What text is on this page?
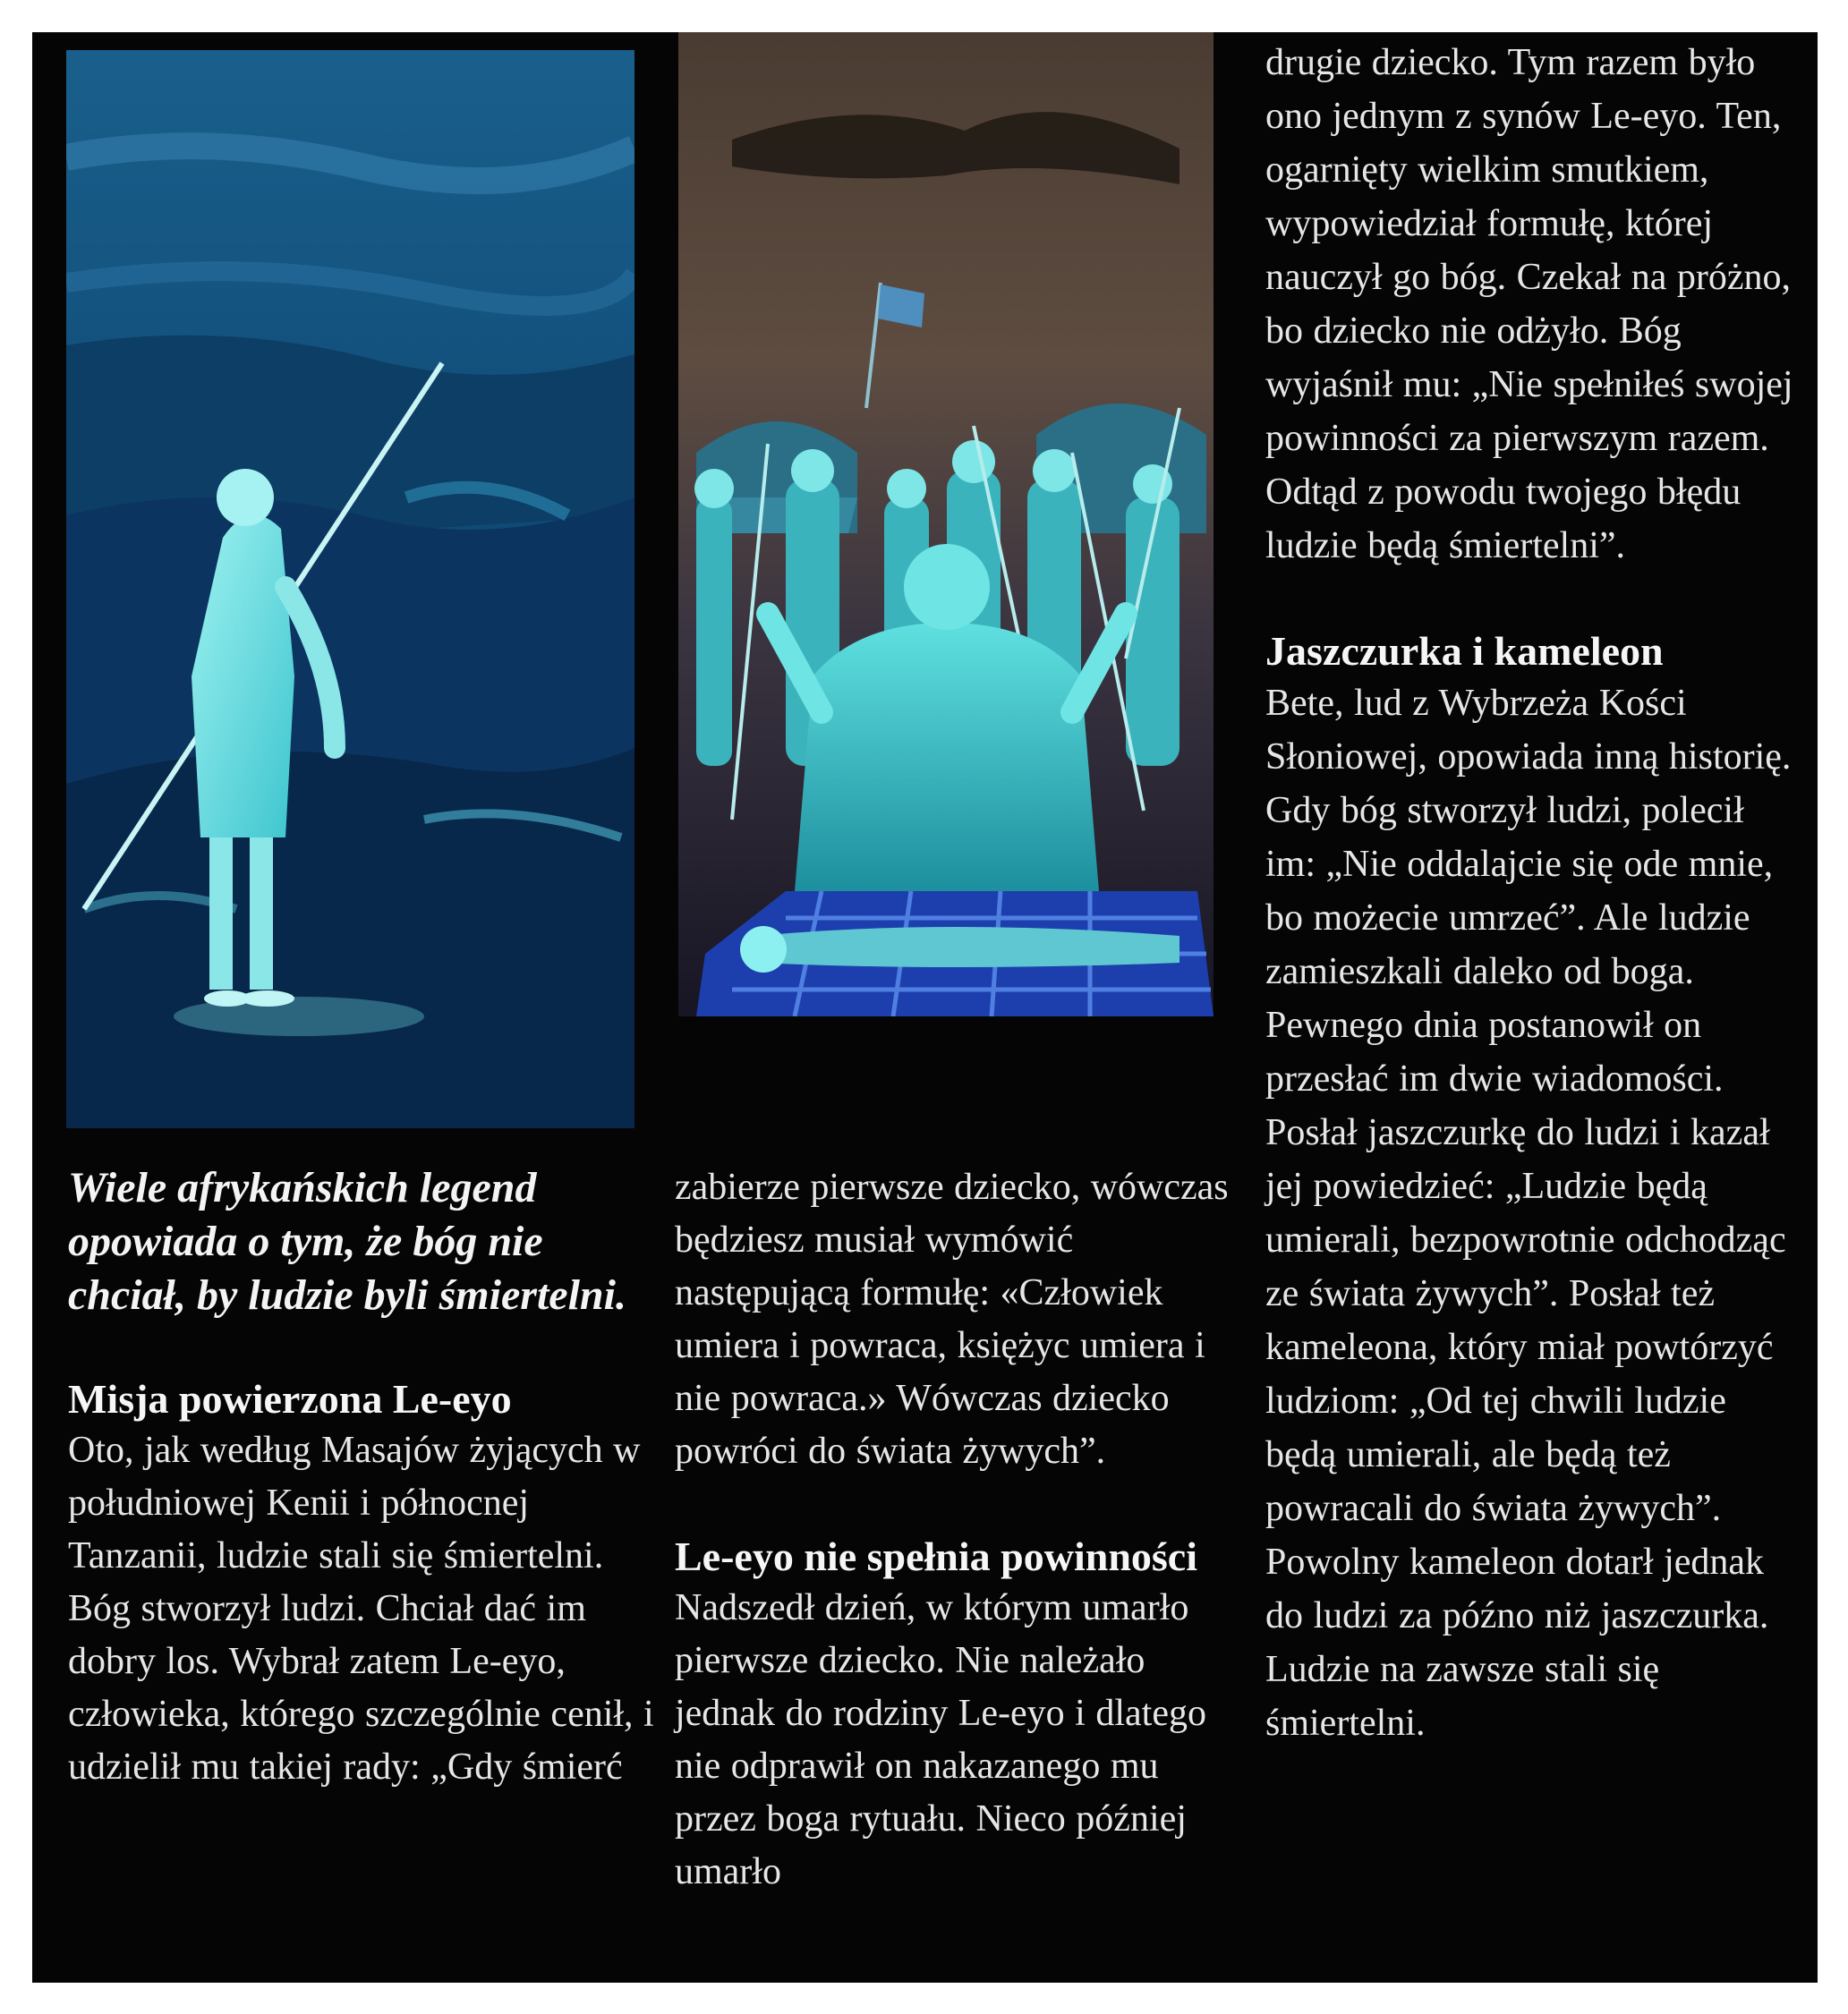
Wiele afrykańskich legend opowiada o tym, że bóg nie chciał, by ludzie byli śmiertelni.

Misja powierzona Le-eyo

Oto, jak według Masajów żyjących w południowej Kenii i północnej Tanzanii, ludzie stali się śmiertelni. Bóg stworzył ludzi. Chciał dać im dobry los. Wybrał zatem Le-eyo, człowieka, którego szczególnie cenił, i udzielił mu takiej rady: „Gdy śmierć

zabierze pierwsze dziecko, wówczas będziesz musiał wymówić następującą formułę: «Człowiek umiera i powraca, księżyc umiera i nie powraca.» Wówczas dziecko powróci do świata żywych”.

Le-eyo nie spełnia powinności

Nadszedł dzień, w którym umarło pierwsze dziecko. Nie należało jednak do rodziny Le-eyo i dlatego nie odprawił on nakazanego mu przez boga rytuału. Nieco później umarło

drugie dziecko. Tym razem było ono jednym z synów Le-eyo. Ten, ogarnięty wielkim smutkiem, wypowiedział formułę, której nauczył go bóg. Czekał na próżno, bo dziecko nie odżyło. Bóg wyjaśnił mu: „Nie spełniłeś swojej powinności za pierwszym razem. Odtąd z powodu twojego błędu ludzie będą śmiertelni”.

Jaszczurka i kameleon

Bete, lud z Wybrzeża Kości Słoniowej, opowiada inną historię. Gdy bóg stworzył ludzi, polecił im: „Nie oddalajcie się ode mnie, bo możecie umrzeć”. Ale ludzie zamieszkali daleko od boga. Pewnego dnia postanowił on przesłać im dwie wiadomości. Posłał jaszczurkę do ludzi i kazał jej powiedzieć: „Ludzie będą umierali, bezpowrotnie odchodząc ze świata żywych”. Posłał też kameleona, który miał powtórzyć ludziom: „Od tej chwili ludzie będą umierali, ale będą też powracali do świata żywych”. Powolny kameleon dotarł jednak do ludzi za późno niż jaszczurka. Ludzie na zawsze stali się śmiertelni.
